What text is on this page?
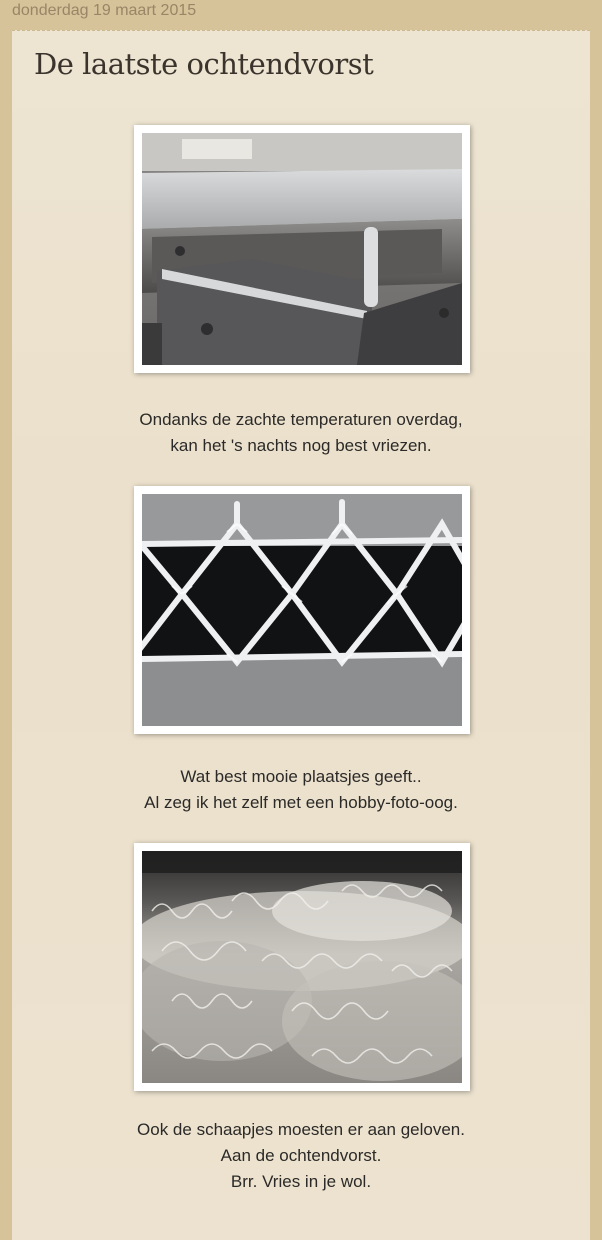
donderdag 19 maart 2015
De laatste ochtendvorst
Ondanks de zachte temperaturen overdag,
kan het 's nachts nog best vriezen.
Wat best mooie plaatsjes geeft..
Al zeg ik het zelf met een hobby-foto-oog.
Ook de schaapjes moesten er aan geloven.
Aan de ochtendvorst.
Brr. Vries in je wol.
